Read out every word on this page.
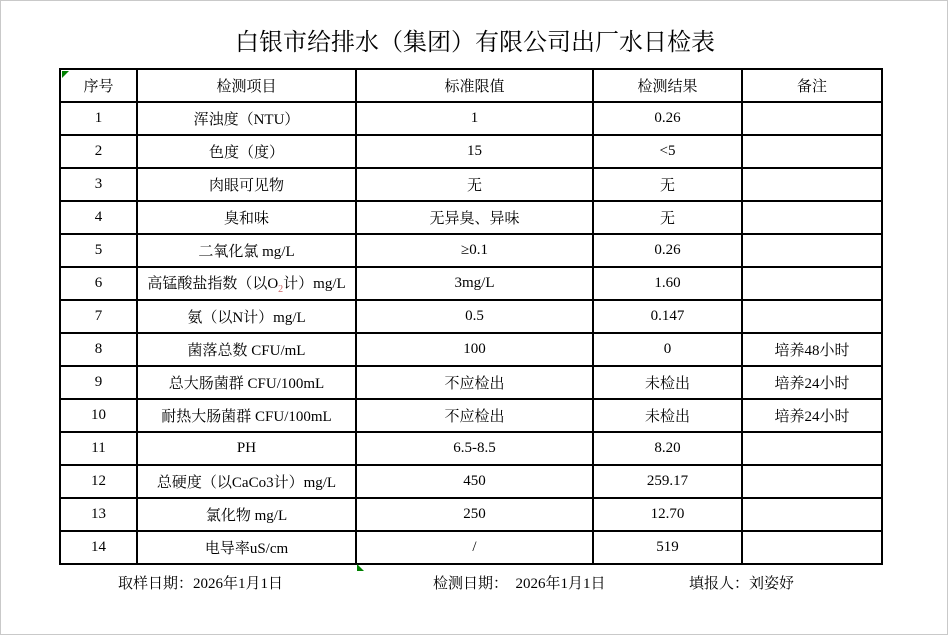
白银市给排水（集团）有限公司出厂水日检表
序号	检测项目	标准限值	检测结果	备注
1	浑浊度（NTU）	1	0.26	
2	色度（度）	15	<5	
3	肉眼可见物	无	无	
4	臭和味	无异臭、异味	无	
5	二氧化氯 mg/L	≥0.1	0.26	
6	高锰酸盐指数（以$O_2$计）mg/L	3mg/L	1.60	
7	氨（以N计）mg/L	0.5	0.147	
8	菌落总数 CFU/mL	100	0	培养48小时
9	总大肠菌群 CFU/100mL	不应检出	未检出	培养24小时
10	耐热大肠菌群 CFU/100mL	不应检出	未检出	培养24小时
11	PH	6.5-8.5	8.20	
12	总硬度（以CaCo3计）mg/L	450	259.17	
13	氯化物 mg/L	250	12.70	
14	电导率uS/cm	/	519	
取样日期：2026年1月1日	检测日期：  2026年1月1日	填报人：刘姿妤
